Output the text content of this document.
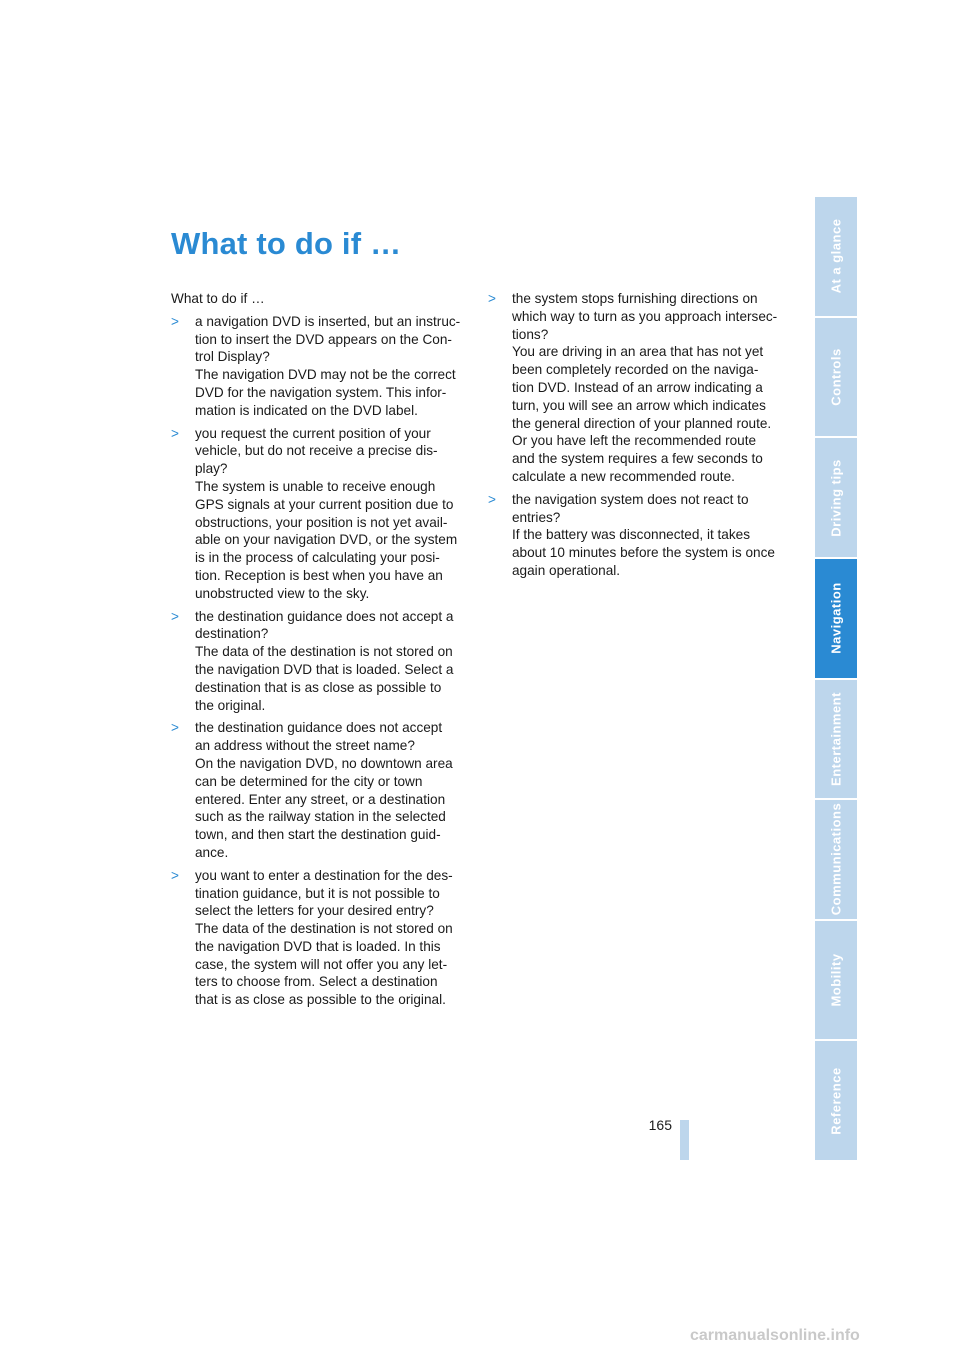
What to do if …

What to do if …

> a navigation DVD is inserted, but an instruc-
tion to insert the DVD appears on the Con-
trol Display?
The navigation DVD may not be the correct
DVD for the navigation system. This infor-
mation is indicated on the DVD label.
> you request the current position of your
vehicle, but do not receive a precise dis-
play?
The system is unable to receive enough
GPS signals at your current position due to
obstructions, your position is not yet avail-
able on your navigation DVD, or the system
is in the process of calculating your posi-
tion. Reception is best when you have an
unobstructed view to the sky.
> the destination guidance does not accept a
destination?
The data of the destination is not stored on
the navigation DVD that is loaded. Select a
destination that is as close as possible to
the original.
> the destination guidance does not accept
an address without the street name?
On the navigation DVD, no downtown area
can be determined for the city or town
entered. Enter any street, or a destination
such as the railway station in the selected
town, and then start the destination guid-
ance.
> you want to enter a destination for the des-
tination guidance, but it is not possible to
select the letters for your desired entry?
The data of the destination is not stored on
the navigation DVD that is loaded. In this
case, the system will not offer you any let-
ters to choose from. Select a destination
that is as close as possible to the original.
> the system stops furnishing directions on
which way to turn as you approach intersec-
tions?
You are driving in an area that has not yet
been completely recorded on the naviga-
tion DVD. Instead of an arrow indicating a
turn, you will see an arrow which indicates
the general direction of your planned route.
Or you have left the recommended route
and the system requires a few seconds to
calculate a new recommended route.
> the navigation system does not react to
entries?
If the battery was disconnected, it takes
about 10 minutes before the system is once
again operational.
At a glance
Controls
Driving tips
Navigation
Entertainment
Communications
Mobility
Reference
165
carmanualsonline.info
